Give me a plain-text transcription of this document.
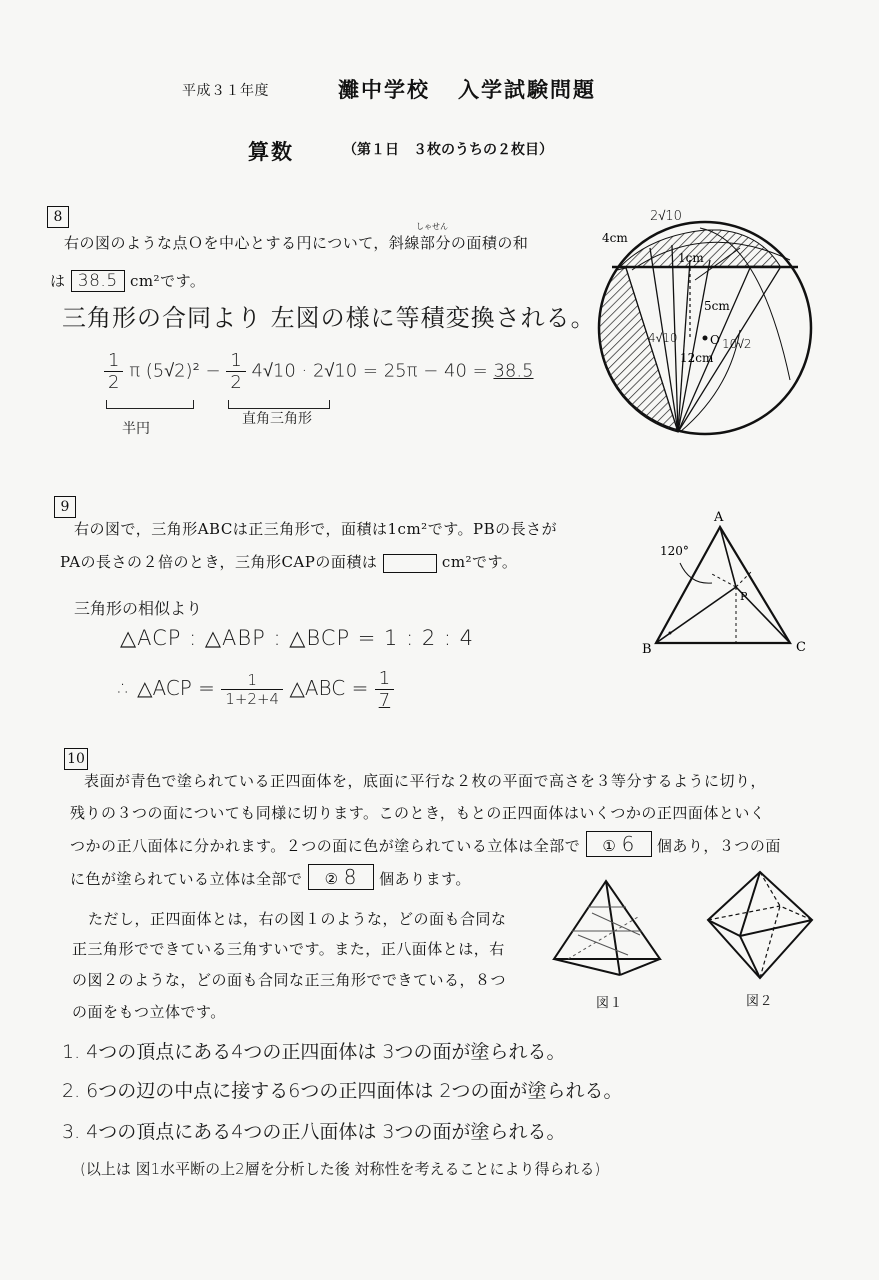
平成３１年度	灘中学校 入学試験問題
算数	（第１日　３枚のうちの２枚目）
8
しゃせん
右の図のような点Ｏを中心とする円について，斜線部分の面積の和
は 38.5 cm²です。
三角形の合同より 左図の様に等積変換される。
$\frac{1}{2}$ π $(5√2)^2 - \frac{1}{2} 4√10 \cdot 2√10 = 25\pi - 40 = 38.5$
半円
直角三角形
4cm
2√10
1cm
5cm
4√10	O 10√2
12cm
9
右の図で，三角形ABCは正三角形で，面積は1cm²です。PBの長さが
PAの長さの２倍のとき，三角形CAPの面積は	cm²です。
三角形の相似より
△ACP : △ABP : △BCP = 1 : 2 : 4
∴ △ACP = $\frac{1}{1+2+4}$ △ABC = $\frac{1}{7}$
A
B	C
P
120°
10
表面が青色で塗られている正四面体を，底面に平行な２枚の平面で高さを３等分するように切り，
残りの３つの面についても同様に切ります。このとき，もとの正四面体はいくつかの正四面体といく
つかの正八面体に分かれます。２つの面に色が塗られている立体は全部で ① 6 個あり，３つの面
に色が塗られている立体は全部で ② 8 個あります。
ただし，正四面体とは，右の図１のような，どの面も合同な
正三角形でできている三角すいです。また，正八面体とは，右
の図２のような，どの面も合同な正三角形でできている，８つ
の面をもつ立体です。	図１	図２
1. 4つの頂点にある4つの正四面体は 3つの面が塗られる。
2. 6つの辺の中点に接する6つの正四面体は 2つの面が塗られる。
3. 4つの頂点にある4つの正八面体は 3つの面が塗られる。
(以上は 図1水平断の上2層を分析した後 対称性を考えることにより得られる)
